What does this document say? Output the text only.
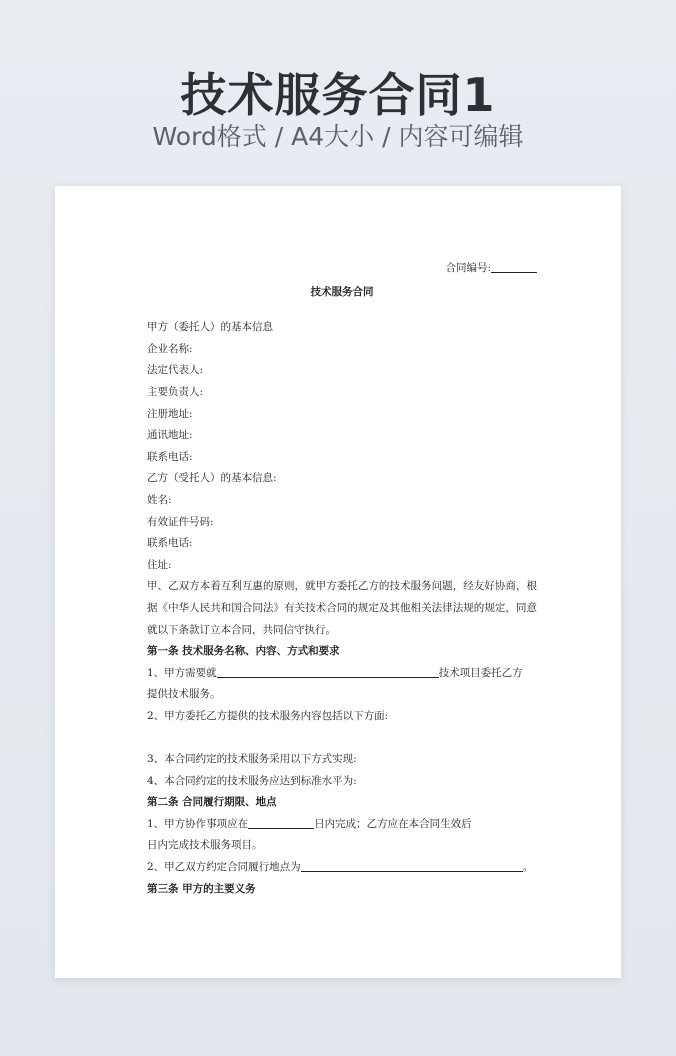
技术服务合同1
Word格式 / A4大小 / 内容可编辑
合同编号:
技术服务合同
甲方（委托人）的基本信息
企业名称:
法定代表人:
主要负责人:
注册地址:
通讯地址:
联系电话:
乙方（受托人）的基本信息:
姓名:
有效证件号码:
联系电话:
住址:
甲、乙双方本着互利互惠的原则，就甲方委托乙方的技术服务问题，经友好协商，根据《中华人民共和国合同法》有关技术合同的规定及其他相关法律法规的规定，同意就以下条款订立本合同，共同信守执行。
第一条 技术服务名称、内容、方式和要求
1、甲方需要就	技术项目委托乙方
提供技术服务。
2、甲方委托乙方提供的技术服务内容包括以下方面:
3、本合同约定的技术服务采用以下方式实现:
4、本合同约定的技术服务应达到标准水平为:
第二条 合同履行期限、地点
1、甲方协作事项应在	日内完成；乙方应在本合同生效后
日内完成技术服务项目。
2、甲乙双方约定合同履行地点为	。
第三条 甲方的主要义务
